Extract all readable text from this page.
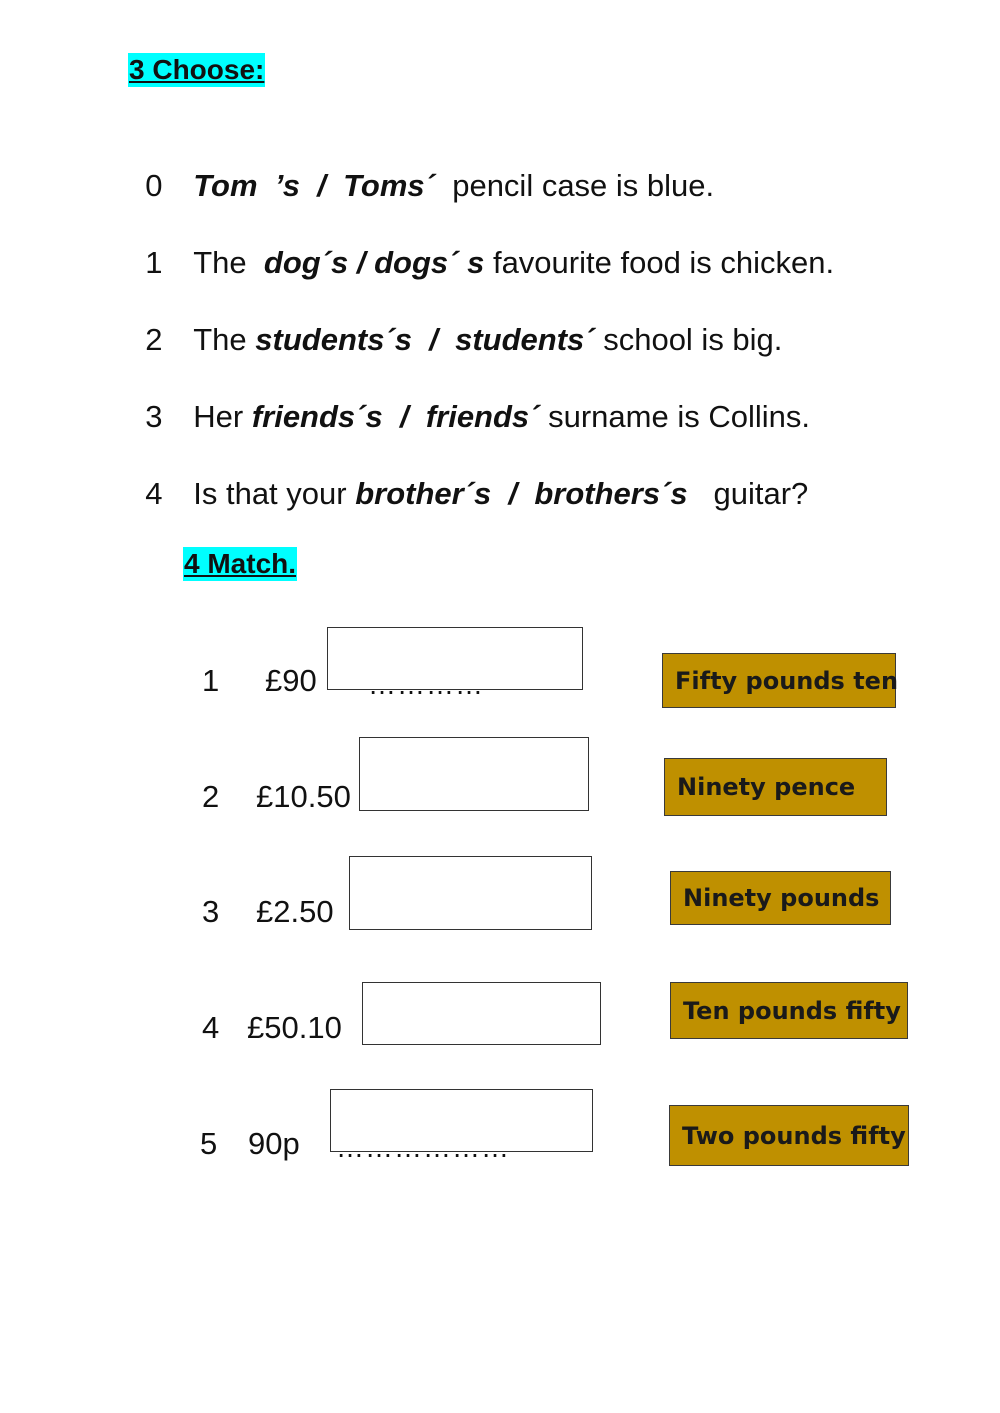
3 Choose:

0 Tom  ’s  /  Toms´  pencil case is blue.

1 The  dog´s / dogs´ s favourite food is chicken.

2 The students´s  /  students´ school is big.

3 Her friends´s  /  friends´ surname is Collins.

4 Is that your brother´s  /  brothers´s   guitar?

4 Match.
1 £90
2 £10.50
3 £2.50
4 £50.10
5 90p
Fifty pounds ten
Ninety pence
Ninety pounds
Ten pounds fifty
Two pounds fifty
